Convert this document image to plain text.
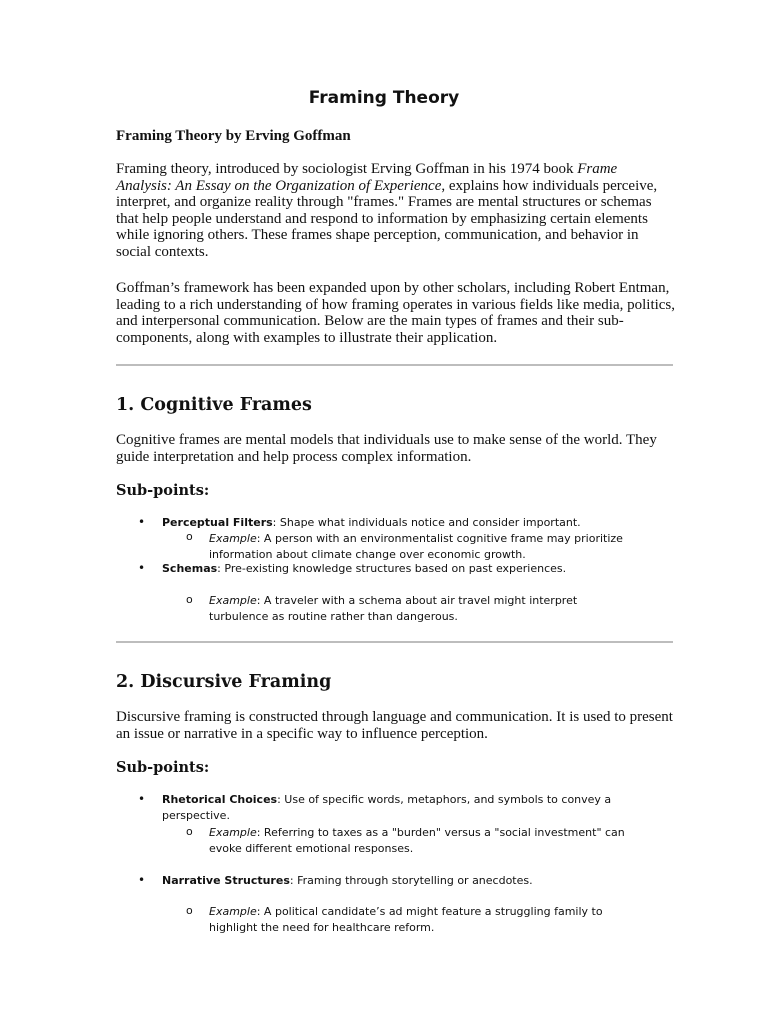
Framing Theory
Framing Theory by Erving Goffman

Framing theory, introduced by sociologist Erving Goffman in his 1974 book Frame Analysis: An Essay on the Organization of Experience, explains how individuals perceive, interpret, and organize reality through "frames." Frames are mental structures or schemas that help people understand and respond to information by emphasizing certain elements while ignoring others. These frames shape perception, communication, and behavior in social contexts.

Goffman’s framework has been expanded upon by other scholars, including Robert Entman, leading to a rich understanding of how framing operates in various fields like media, politics, and interpersonal communication. Below are the main types of frames and their sub-components, along with examples to illustrate their application.

1. Cognitive Frames

Cognitive frames are mental models that individuals use to make sense of the world. They guide interpretation and help process complex information.

Sub-points:
• Perceptual Filters: Shape what individuals notice and consider important.
o Example: A person with an environmentalist cognitive frame may prioritize information about climate change over economic growth.
• Schemas: Pre-existing knowledge structures based on past experiences.
o Example: A traveler with a schema about air travel might interpret turbulence as routine rather than dangerous.
2. Discursive Framing

Discursive framing is constructed through language and communication. It is used to present an issue or narrative in a specific way to influence perception.

Sub-points:
• Rhetorical Choices: Use of specific words, metaphors, and symbols to convey a perspective.
o Example: Referring to taxes as a "burden" versus a "social investment" can evoke different emotional responses.
• Narrative Structures: Framing through storytelling or anecdotes.
o Example: A political candidate’s ad might feature a struggling family to highlight the need for healthcare reform.
